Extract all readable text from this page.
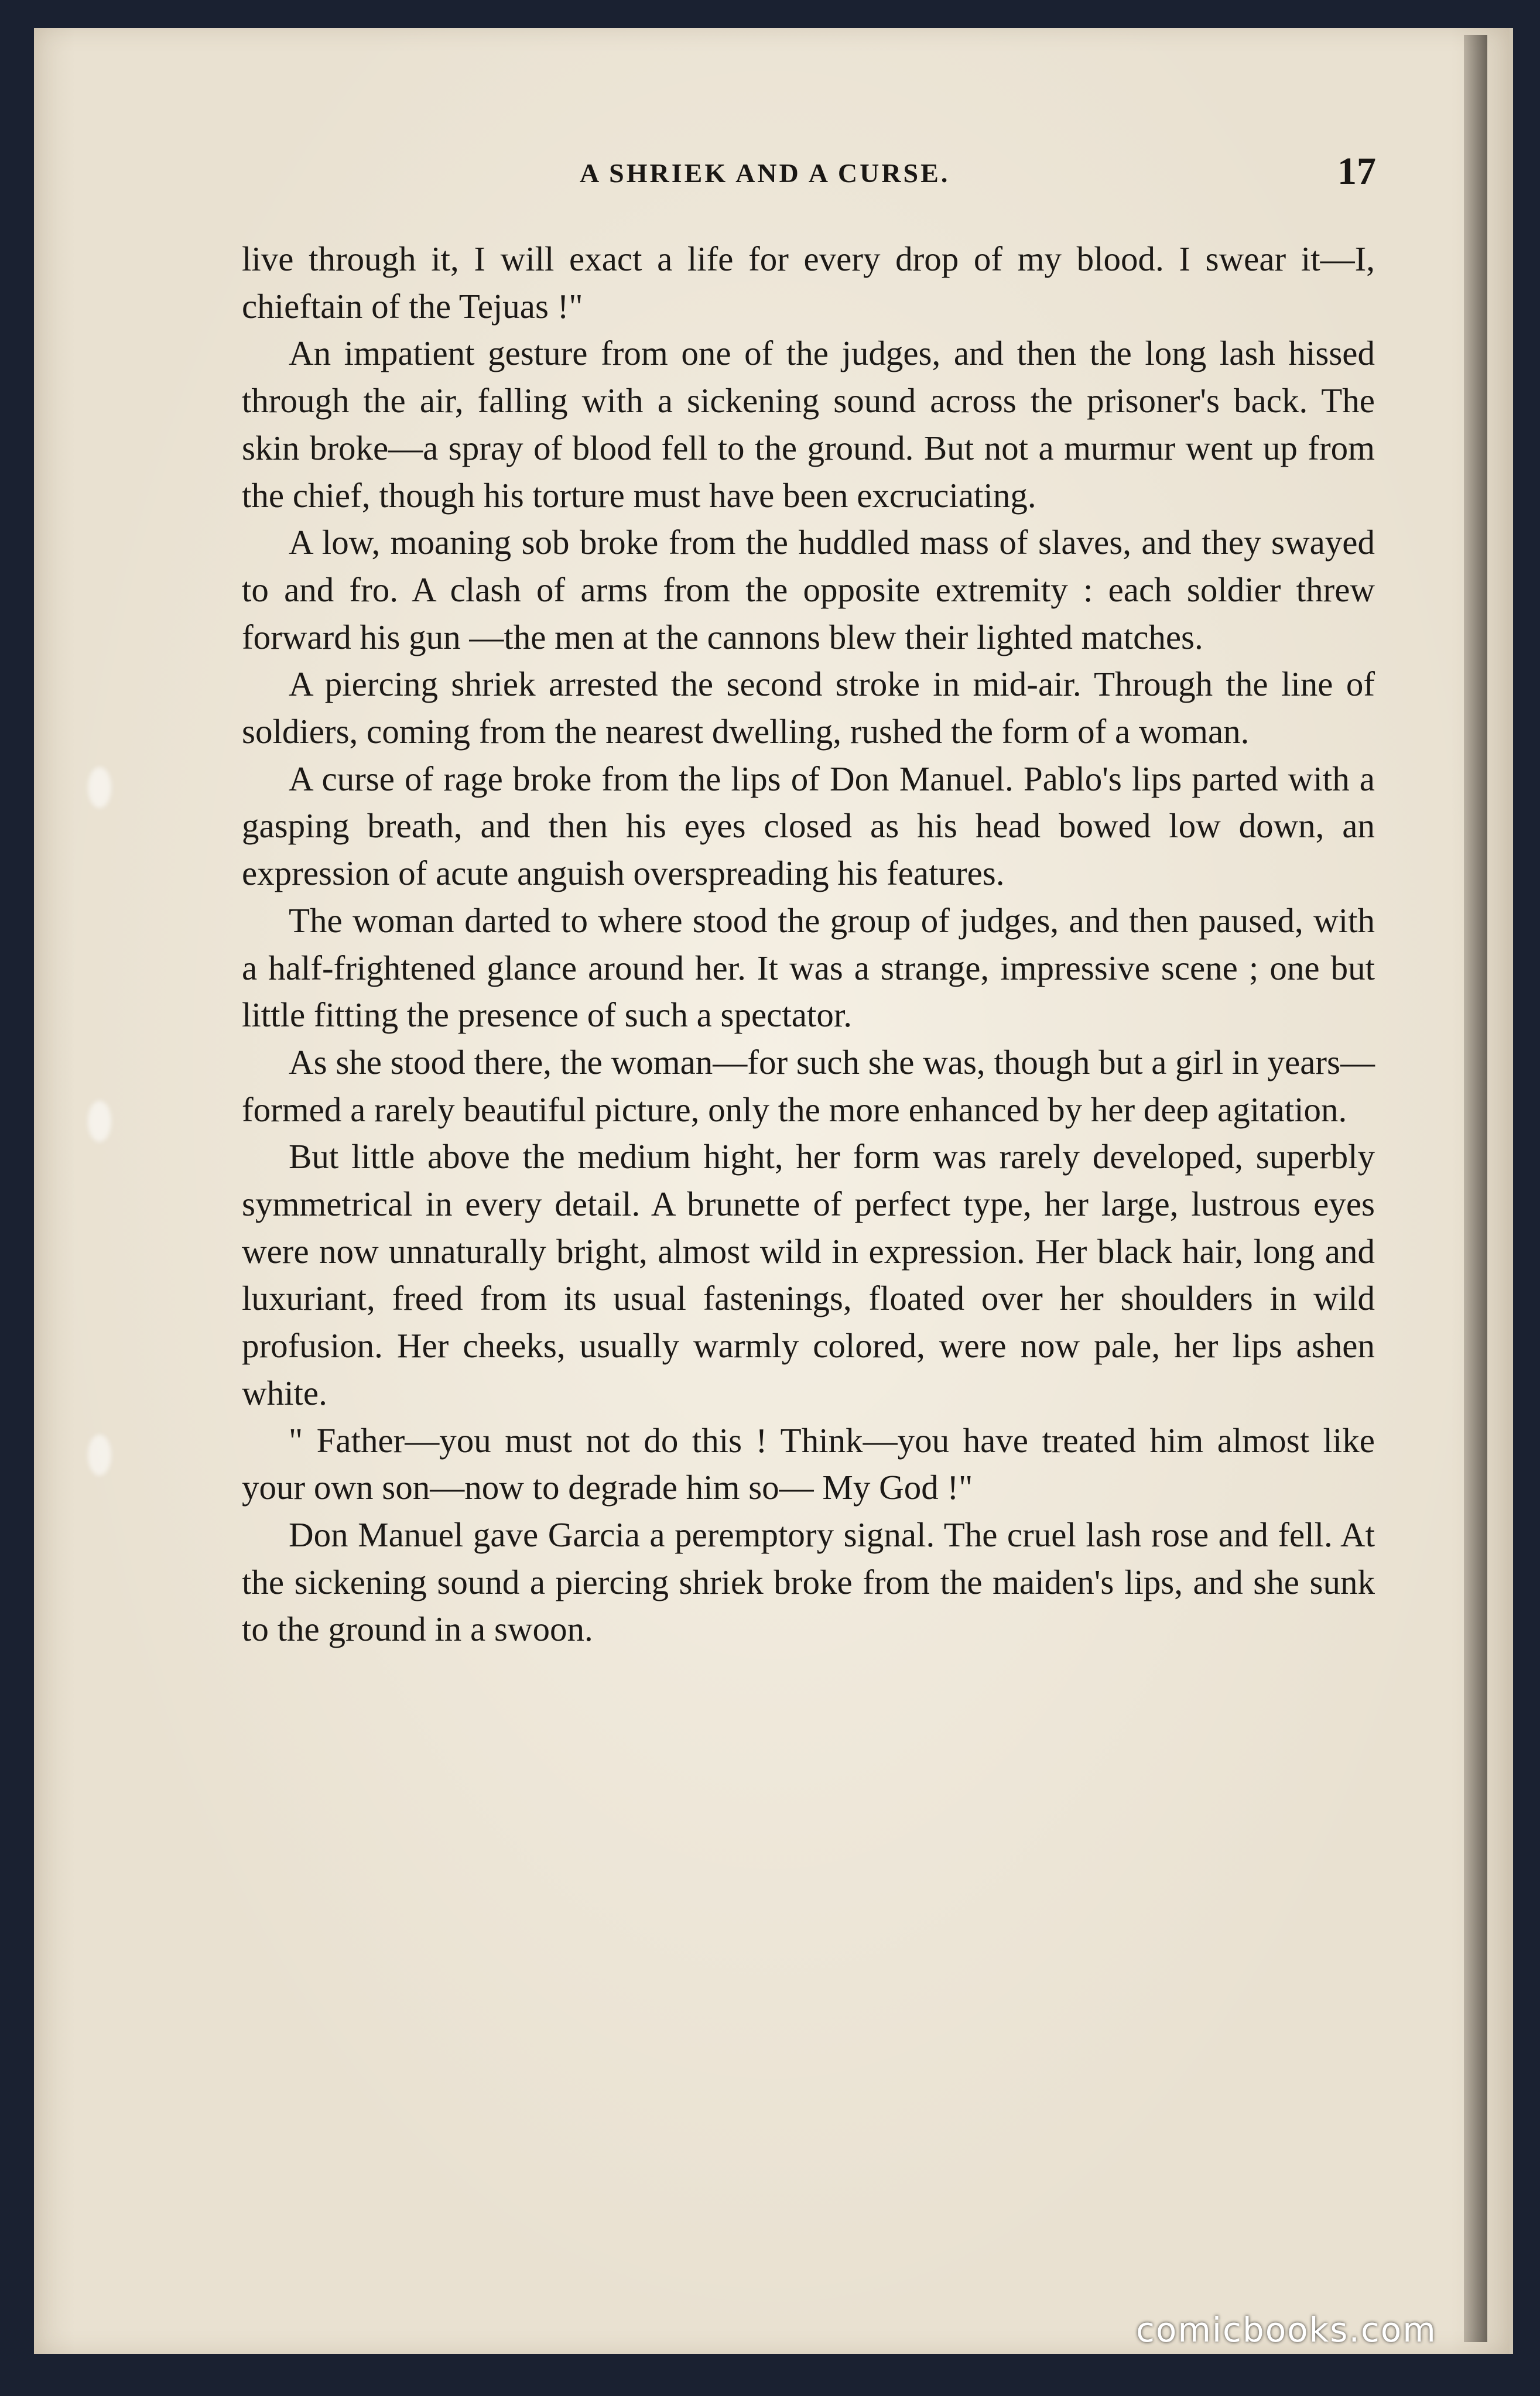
A SHRIEK AND A CURSE.	17

live through it, I will exact a life for every drop of my blood. I swear it—I, chieftain of the Tejuas !"

An impatient gesture from one of the judges, and then the long lash hissed through the air, falling with a sickening sound across the prisoner's back. The skin broke—a spray of blood fell to the ground. But not a murmur went up from the chief, though his torture must have been excruciating.

A low, moaning sob broke from the huddled mass of slaves, and they swayed to and fro. A clash of arms from the opposite extremity : each soldier threw forward his gun —the men at the cannons blew their lighted matches.

A piercing shriek arrested the second stroke in mid-air. Through the line of soldiers, coming from the nearest dwelling, rushed the form of a woman.

A curse of rage broke from the lips of Don Manuel. Pablo's lips parted with a gasping breath, and then his eyes closed as his head bowed low down, an expression of acute anguish overspreading his features.

The woman darted to where stood the group of judges, and then paused, with a half-frightened glance around her. It was a strange, impressive scene ; one but little fitting the presence of such a spectator.

As she stood there, the woman—for such she was, though but a girl in years—formed a rarely beautiful picture, only the more enhanced by her deep agitation.

But little above the medium hight, her form was rarely developed, superbly symmetrical in every detail. A brunette of perfect type, her large, lustrous eyes were now unnaturally bright, almost wild in expression. Her black hair, long and luxuriant, freed from its usual fastenings, floated over her shoulders in wild profusion. Her cheeks, usually warmly colored, were now pale, her lips ashen white.

" Father—you must not do this ! Think—you have treated him almost like your own son—now to degrade him so— My God !"

Don Manuel gave Garcia a peremptory signal. The cruel lash rose and fell. At the sickening sound a piercing shriek broke from the maiden's lips, and she sunk to the ground in a swoon.

comicbooks.com
